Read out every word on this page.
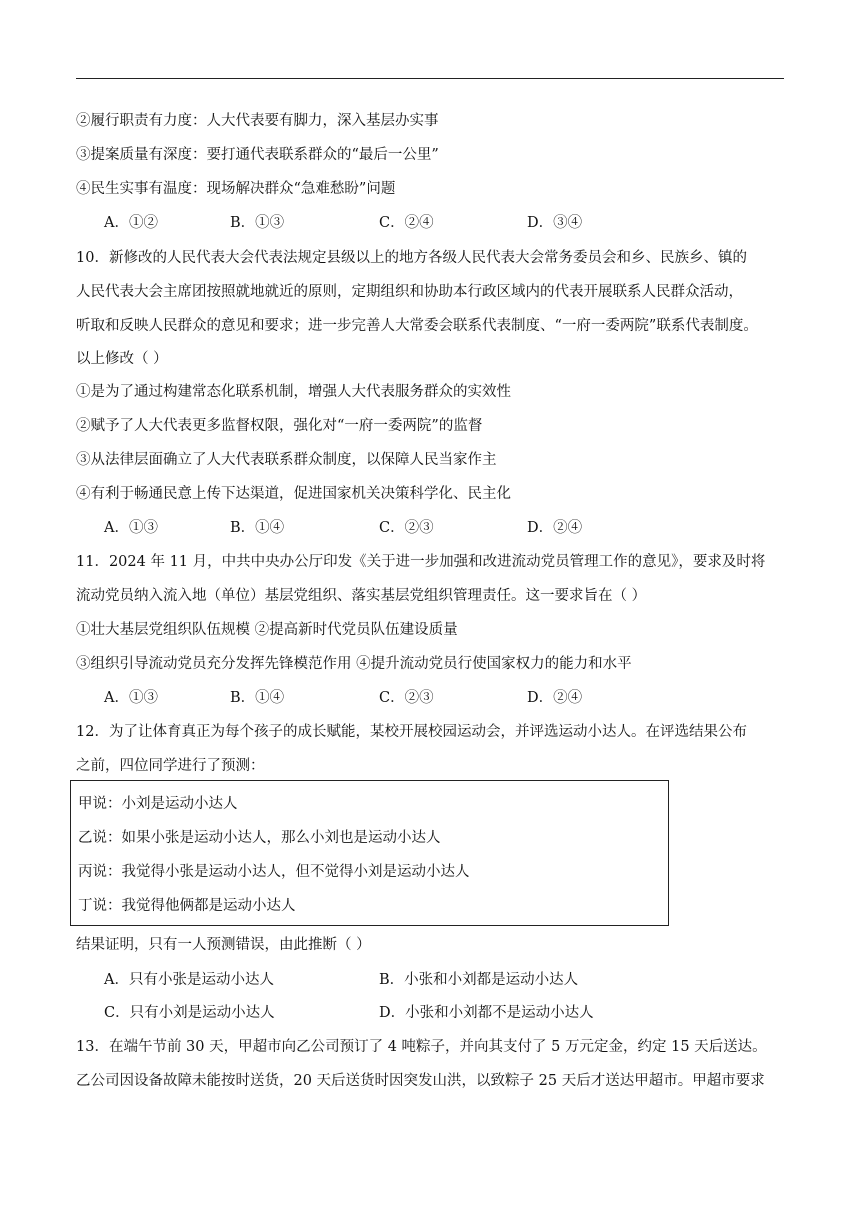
②履行职责有力度：人大代表要有脚力，深入基层办实事
③提案质量有深度：要打通代表联系群众的“最后一公里”
④民生实事有温度：现场解决群众“急难愁盼”问题
A．①②	B．①③	C．②④	D．③④
10．新修改的人民代表大会代表法规定县级以上的地方各级人民代表大会常务委员会和乡、民族乡、镇的
人民代表大会主席团按照就地就近的原则，定期组织和协助本行政区域内的代表开展联系人民群众活动，
听取和反映人民群众的意见和要求；进一步完善人大常委会联系代表制度、“一府一委两院”联系代表制度。
以上修改（ ）
①是为了通过构建常态化联系机制，增强人大代表服务群众的实效性
②赋予了人大代表更多监督权限，强化对“一府一委两院”的监督
③从法律层面确立了人大代表联系群众制度，以保障人民当家作主
④有利于畅通民意上传下达渠道，促进国家机关决策科学化、民主化
A．①③	B．①④	C．②③	D．②④
11．2024 年 11 月，中共中央办公厅印发《关于进一步加强和改进流动党员管理工作的意见》，要求及时将
流动党员纳入流入地（单位）基层党组织、落实基层党组织管理责任。这一要求旨在（ ）
①壮大基层党组织队伍规模 ②提高新时代党员队伍建设质量
③组织引导流动党员充分发挥先锋模范作用 ④提升流动党员行使国家权力的能力和水平
A．①③	B．①④	C．②③	D．②④
12．为了让体育真正为每个孩子的成长赋能，某校开展校园运动会，并评选运动小达人。在评选结果公布
之前，四位同学进行了预测：
甲说：小刘是运动小达人
乙说：如果小张是运动小达人，那么小刘也是运动小达人
丙说：我觉得小张是运动小达人，但不觉得小刘是运动小达人
丁说：我觉得他俩都是运动小达人
结果证明，只有一人预测错误，由此推断（ ）
A．只有小张是运动小达人	B．小张和小刘都是运动小达人
C．只有小刘是运动小达人	D．小张和小刘都不是运动小达人
13．在端午节前 30 天，甲超市向乙公司预订了 4 吨粽子，并向其支付了 5 万元定金，约定 15 天后送达。
乙公司因设备故障未能按时送货，20 天后送货时因突发山洪，以致粽子 25 天后才送达甲超市。甲超市要求
